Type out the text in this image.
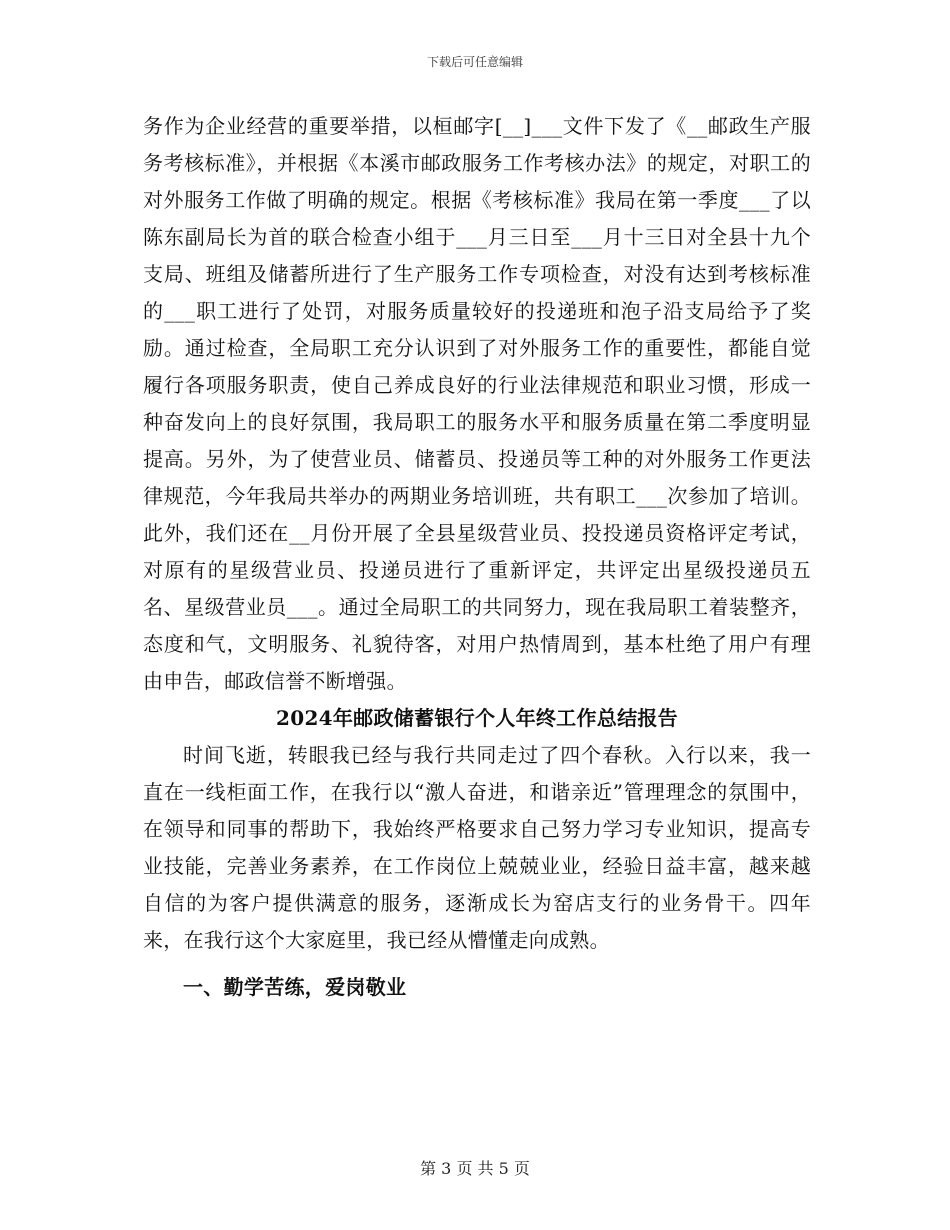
下载后可任意编辑

务作为企业经营的重要举措，以桓邮字[__]___文件下发了《__邮政生产服务考核标准》，并根据《本溪市邮政服务工作考核办法》的规定，对职工的对外服务工作做了明确的规定。根据《考核标准》我局在第一季度___了以陈东副局长为首的联合检查小组于___月三日至___月十三日对全县十九个支局、班组及储蓄所进行了生产服务工作专项检查，对没有达到考核标准的___职工进行了处罚，对服务质量较好的投递班和泡子沿支局给予了奖励。通过检查，全局职工充分认识到了对外服务工作的重要性，都能自觉履行各项服务职责，使自己养成良好的行业法律规范和职业习惯，形成一种奋发向上的良好氛围，我局职工的服务水平和服务质量在第二季度明显提高。另外，为了使营业员、储蓄员、投递员等工种的对外服务工作更法律规范，今年我局共举办的两期业务培训班，共有职工___次参加了培训。此外，我们还在__月份开展了全县星级营业员、投投递员资格评定考试，对原有的星级营业员、投递员进行了重新评定，共评定出星级投递员五名、星级营业员___。通过全局职工的共同努力，现在我局职工着装整齐，态度和气，文明服务、礼貌待客，对用户热情周到，基本杜绝了用户有理由申告，邮政信誉不断增强。

2024年邮政储蓄银行个人年终工作总结报告

时间飞逝，转眼我已经与我行共同走过了四个春秋。入行以来，我一直在一线柜面工作，在我行以“激人奋进，和谐亲近”管理理念的氛围中，在领导和同事的帮助下，我始终严格要求自己努力学习专业知识，提高专业技能，完善业务素养，在工作岗位上兢兢业业，经验日益丰富，越来越自信的为客户提供满意的服务，逐渐成长为窑店支行的业务骨干。四年来，在我行这个大家庭里，我已经从懵懂走向成熟。

一、勤学苦练，爱岗敬业

第 3 页 共 5 页
